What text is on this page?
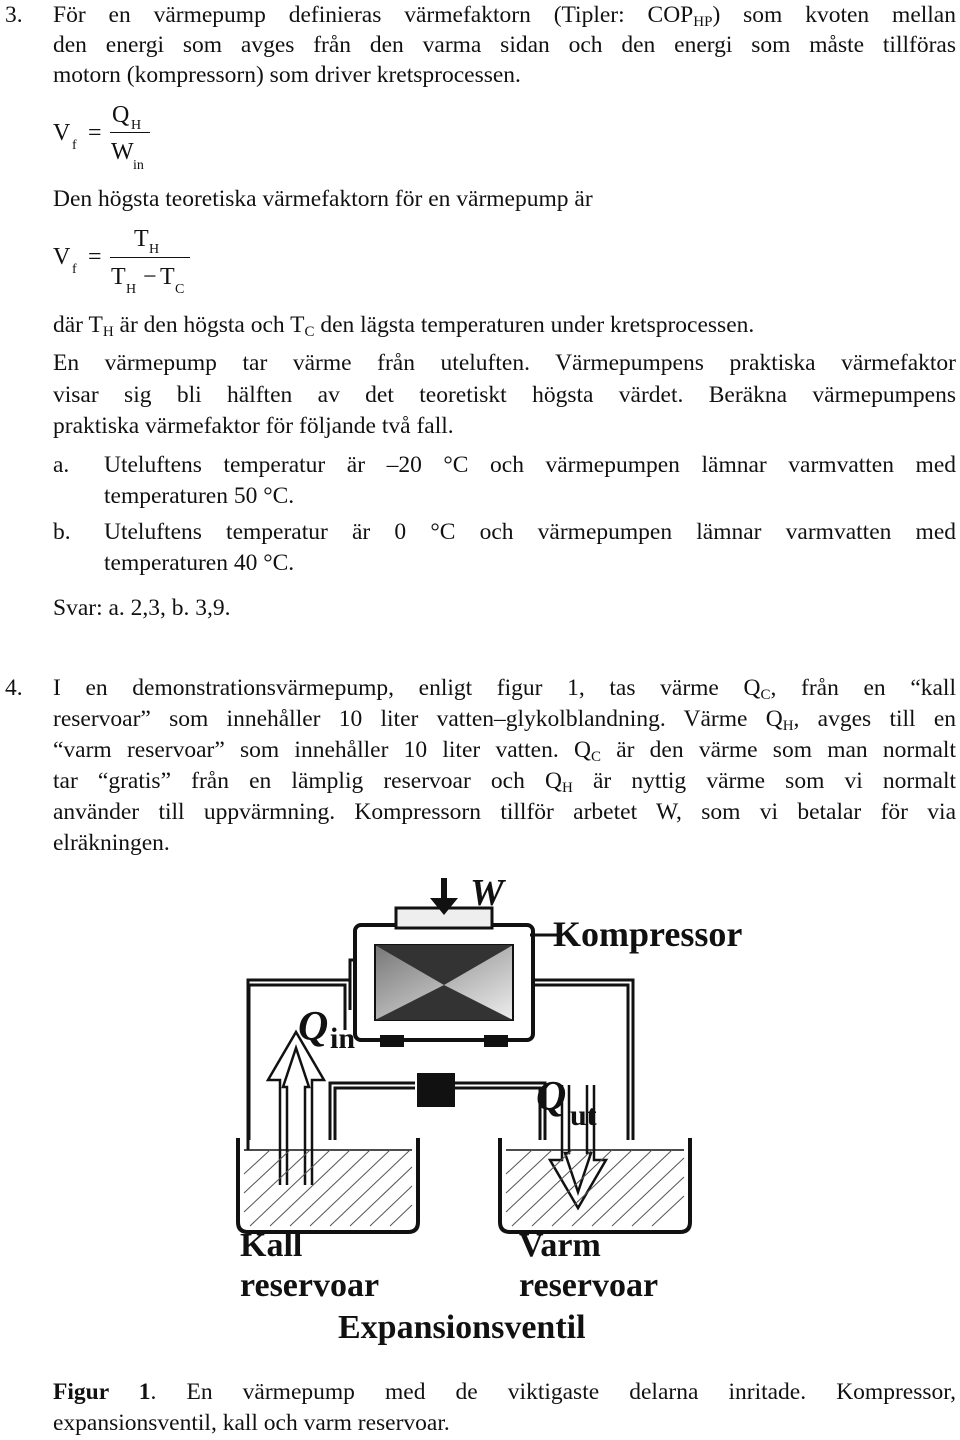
3. För en värmepump definieras värmefaktorn (Tipler: $COP_{HP}$) som kvoten mellan
den energi som avges från den varma sidan och den energi som måste tillföras
motorn (kompressorn) som driver kretsprocessen.
V f =
Q H
W
in
Den högsta teoretiska värmefaktorn för en värmepump är
V f =
T H
T H − T C
där $T_H$ är den högsta och $T_C$ den lägsta temperaturen under kretsprocessen.
En värmepump tar värme från uteluften. Värmepumpens praktiska värmefaktor
visar sig bli hälften av det teoretiskt högsta värdet. Beräkna värmepumpens
praktiska värmefaktor för följande två fall.
a. Uteluftens temperatur är –20 °C och värmepumpen lämnar varmvatten med
temperaturen 50 °C.
b. Uteluftens temperatur är 0 °C och värmepumpen lämnar varmvatten med
temperaturen 40 °C.
Svar: a. 2,3, b. 3,9.
4. I en demonstrationsvärmepump, enligt figur 1, tas värme $Q_C$, från en “kall
reservoar” som innehåller 10 liter vatten–glykolblandning. Värme $Q_H$, avges till en
“varm reservoar” som innehåller 10 liter vatten. $Q_C$ är den värme som man normalt
tar “gratis” från en lämplig reservoar och $Q_H$ är nyttig värme som vi normalt
använder till uppvärmning. Kompressorn tillför arbetet W, som vi betalar för via
elräkningen.
W
Kompressor
Q in
Q ut
Kall
reservoar
Varm
reservoar
Expansionsventil
Figur 1. En värmepump med de viktigaste delarna inritade. Kompressor,
expansionsventil, kall och varm reservoar.
